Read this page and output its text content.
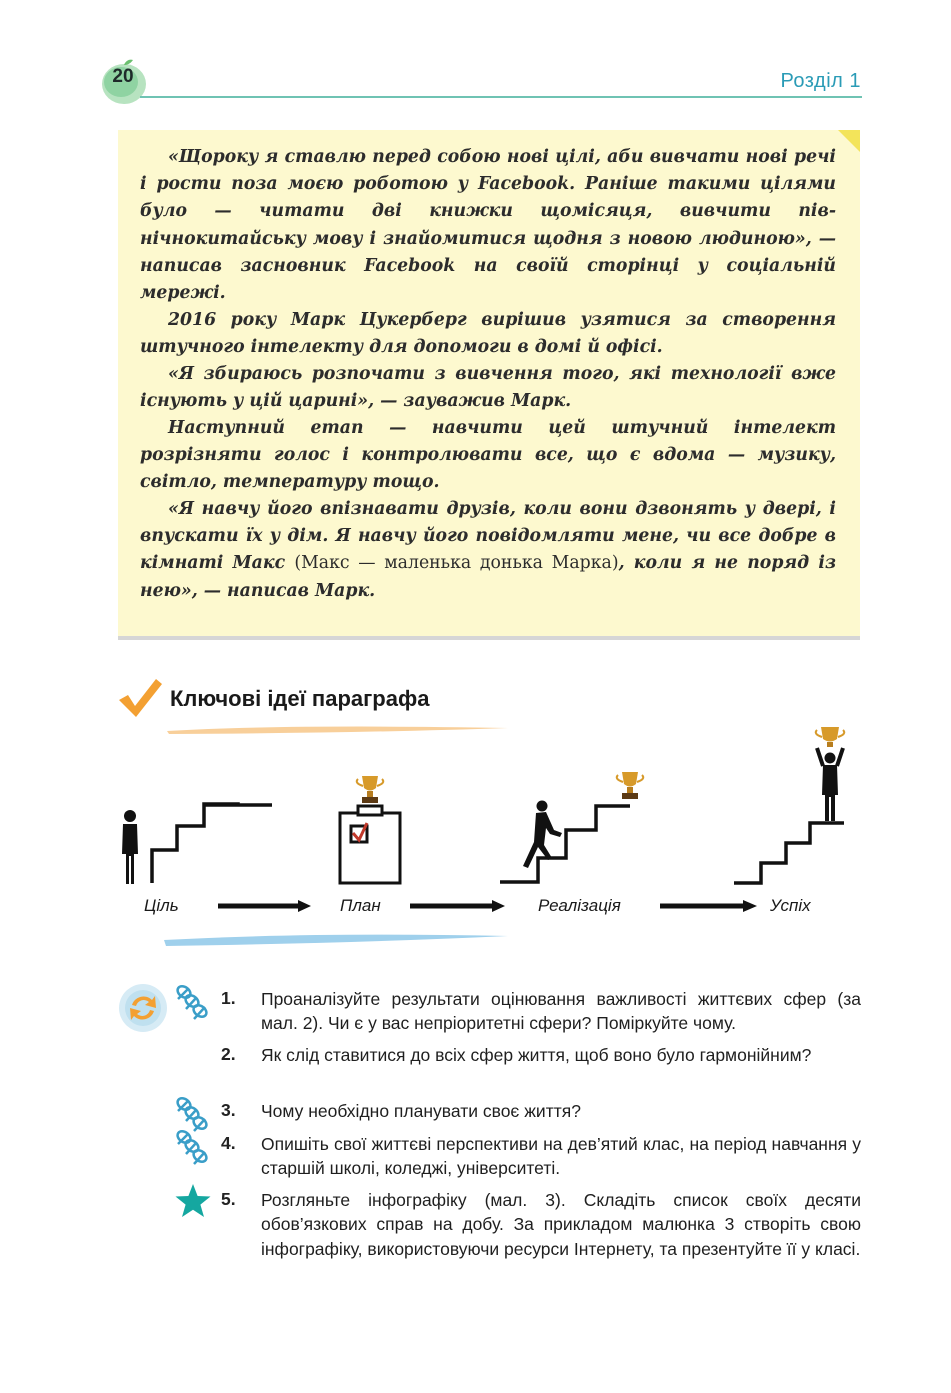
20	Розділ 1

«Щороку я ставлю перед собою нові цілі, аби вивчати нові речі і рости поза моєю роботою у Facebook. Раніше такими цілями було — читати дві книжки щомісяця, вивчити північнокитайську мову і знайомитися щодня з новою людиною», — написав засновник Facebook на своїй сторінці у соціальній мережі.

2016 року Марк Цукерберг вирішив узятися за створення штучного інтелекту для допомоги в домі й офісі.

«Я збираюсь розпочати з вивчення того, які технології вже існують у цій царині», — зауважив Марк.

Наступний етап — навчити цей штучний інтелект розрізняти голос і контролювати все, що є вдома — музику, світло, температуру тощо.

«Я навчу його впізнавати друзів, коли вони дзвонять у двері, і впускати їх у дім. Я навчу його повідомляти мене, чи все добре в кімнаті Макс (Макс — маленька донька Марка), коли я не поряд із нею», — написав Марк.

Ключові ідеї параграфа
Ціль	План	Реалізація	Успіх
1. Проаналізуйте результати оцінювання важливості життєвих сфер (за мал. 2). Чи є у вас непріоритетні сфери? Поміркуйте чому.

2. Як слід ставитися до всіх сфер життя, щоб воно було гармонійним?

3. Чому необхідно планувати своє життя?

4. Опишіть свої життєві перспективи на дев’ятий клас, на період навчання у старшій школі, коледжі, університеті.

5. Розгляньте інфографіку (мал. 3). Складіть список своїх десяти обов’язкових справ на добу. За прикладом малюнка 3 створіть свою інфографіку, використовуючи ресурси Інтернету, та презентуйте її у класі.
